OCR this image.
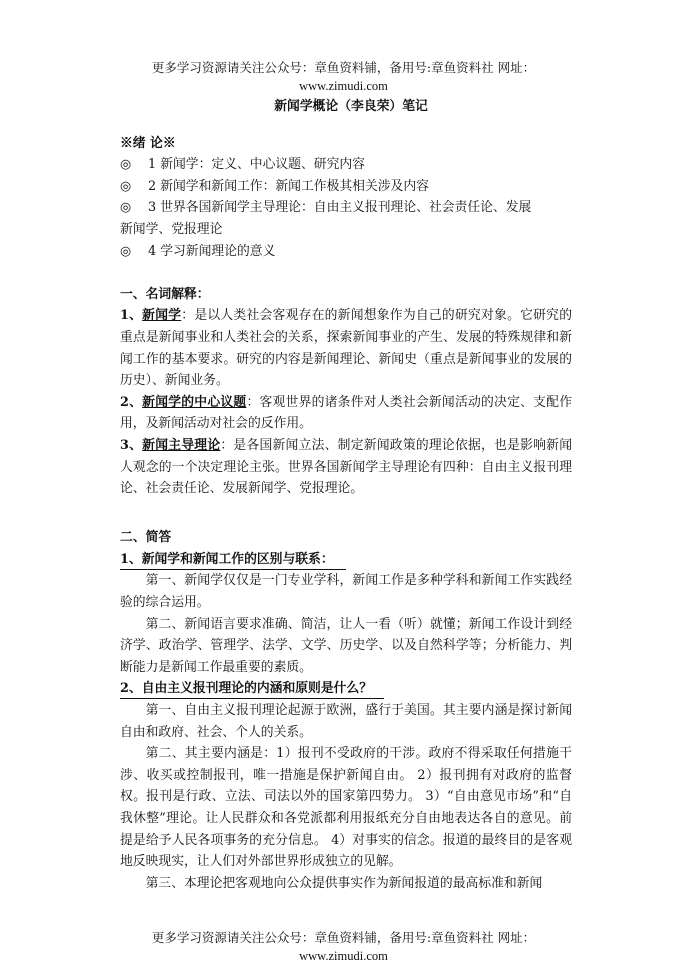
更多学习资源请关注公众号：章鱼资料铺，备用号:章鱼资料社 网址：
www.zimudi.com

新闻学概论（李良荣）笔记

※绪 论※

◎ 1 新闻学：定义、中心议题、研究内容

◎ 2 新闻学和新闻工作：新闻工作极其相关涉及内容

◎ 3 世界各国新闻学主导理论：自由主义报刊理论、社会责任论、发展

新闻学、党报理论

◎ 4 学习新闻理论的意义

一、名词解释：

1、新闻学：是以人类社会客观存在的新闻想象作为自己的研究对象。它研究的重点是新闻事业和人类社会的关系，探索新闻事业的产生、发展的特殊规律和新闻工作的基本要求。研究的内容是新闻理论、新闻史（重点是新闻事业的发展的历史）、新闻业务。

2、新闻学的中心议题：客观世界的诸条件对人类社会新闻活动的决定、支配作用，及新闻活动对社会的反作用。

3、新闻主导理论：是各国新闻立法、制定新闻政策的理论依据，也是影响新闻人观念的一个决定理论主张。世界各国新闻学主导理论有四种：自由主义报刊理论、社会责任论、发展新闻学、党报理论。

二、简答

1、新闻学和新闻工作的区别与联系：

第一、新闻学仅仅是一门专业学科，新闻工作是多种学科和新闻工作实践经验的综合运用。

第二、新闻语言要求准确、简洁，让人一看（听）就懂；新闻工作设计到经济学、政治学、管理学、法学、文学、历史学、以及自然科学等；分析能力、判断能力是新闻工作最重要的素质。

2、自由主义报刊理论的内涵和原则是什么？

第一、自由主义报刊理论起源于欧洲，盛行于美国。其主要内涵是探讨新闻自由和政府、社会、个人的关系。

第二、其主要内涵是：1）报刊不受政府的干涉。政府不得采取任何措施干涉、收买或控制报刊，唯一措施是保护新闻自由。 2）报刊拥有对政府的监督权。报刊是行政、立法、司法以外的国家第四势力。 3）“自由意见市场”和“自我休整”理论。让人民群众和各党派都利用报纸充分自由地表达各自的意见。前提是给予人民各项事务的充分信息。 4）对事实的信念。报道的最终目的是客观地反映现实，让人们对外部世界形成独立的见解。

第三、本理论把客观地向公众提供事实作为新闻报道的最高标准和新闻

更多学习资源请关注公众号：章鱼资料铺，备用号:章鱼资料社 网址：
www.zimudi.com
